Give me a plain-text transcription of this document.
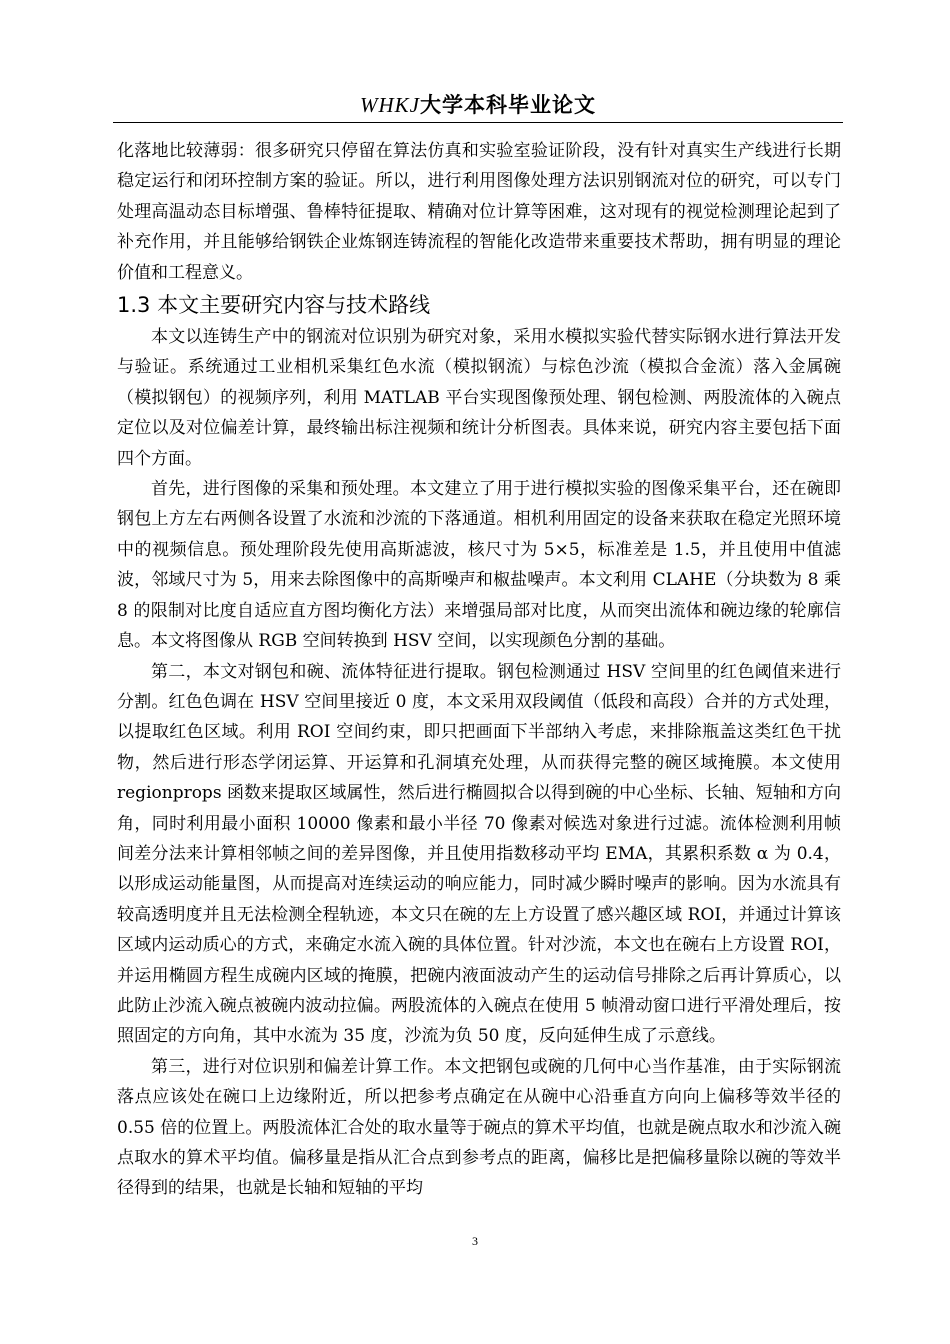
WHKJ大学本科毕业论文

化落地比较薄弱：很多研究只停留在算法仿真和实验室验证阶段，没有针对真实生产线进行长期稳定运行和闭环控制方案的验证。所以，进行利用图像处理方法识别钢流对位的研究，可以专门处理高温动态目标增强、鲁棒特征提取、精确对位计算等困难，这对现有的视觉检测理论起到了补充作用，并且能够给钢铁企业炼钢连铸流程的智能化改造带来重要技术帮助，拥有明显的理论价值和工程意义。

1.3 本文主要研究内容与技术路线

本文以连铸生产中的钢流对位识别为研究对象，采用水模拟实验代替实际钢水进行算法开发与验证。系统通过工业相机采集红色水流（模拟钢流）与棕色沙流（模拟合金流）落入金属碗（模拟钢包）的视频序列，利用 MATLAB 平台实现图像预处理、钢包检测、两股流体的入碗点定位以及对位偏差计算，最终输出标注视频和统计分析图表。具体来说，研究内容主要包括下面四个方面。

首先，进行图像的采集和预处理。本文建立了用于进行模拟实验的图像采集平台，还在碗即钢包上方左右两侧各设置了水流和沙流的下落通道。相机利用固定的设备来获取在稳定光照环境中的视频信息。预处理阶段先使用高斯滤波，核尺寸为 5×5，标准差是 1.5，并且使用中值滤波，邻域尺寸为 5，用来去除图像中的高斯噪声和椒盐噪声。本文利用 CLAHE（分块数为 8 乘 8 的限制对比度自适应直方图均衡化方法）来增强局部对比度，从而突出流体和碗边缘的轮廓信息。本文将图像从 RGB 空间转换到 HSV 空间，以实现颜色分割的基础。

第二，本文对钢包和碗、流体特征进行提取。钢包检测通过 HSV 空间里的红色阈值来进行分割。红色色调在 HSV 空间里接近 0 度，本文采用双段阈值（低段和高段）合并的方式处理，以提取红色区域。利用 ROI 空间约束，即只把画面下半部纳入考虑，来排除瓶盖这类红色干扰物，然后进行形态学闭运算、开运算和孔洞填充处理，从而获得完整的碗区域掩膜。本文使用 regionprops 函数来提取区域属性，然后进行椭圆拟合以得到碗的中心坐标、长轴、短轴和方向角，同时利用最小面积 10000 像素和最小半径 70 像素对候选对象进行过滤。流体检测利用帧间差分法来计算相邻帧之间的差异图像，并且使用指数移动平均 EMA，其累积系数 α 为 0.4，以形成运动能量图，从而提高对连续运动的响应能力，同时减少瞬时噪声的影响。因为水流具有较高透明度并且无法检测全程轨迹，本文只在碗的左上方设置了感兴趣区域 ROI，并通过计算该区域内运动质心的方式，来确定水流入碗的具体位置。针对沙流，本文也在碗右上方设置 ROI，并运用椭圆方程生成碗内区域的掩膜，把碗内液面波动产生的运动信号排除之后再计算质心，以此防止沙流入碗点被碗内波动拉偏。两股流体的入碗点在使用 5 帧滑动窗口进行平滑处理后，按照固定的方向角，其中水流为 35 度，沙流为负 50 度，反向延伸生成了示意线。

第三，进行对位识别和偏差计算工作。本文把钢包或碗的几何中心当作基准，由于实际钢流落点应该处在碗口上边缘附近，所以把参考点确定在从碗中心沿垂直方向向上偏移等效半径的 0.55 倍的位置上。两股流体汇合处的取水量等于碗点的算术平均值，也就是碗点取水和沙流入碗点取水的算术平均值。偏移量是指从汇合点到参考点的距离，偏移比是把偏移量除以碗的等效半径得到的结果，也就是长轴和短轴的平均

3
